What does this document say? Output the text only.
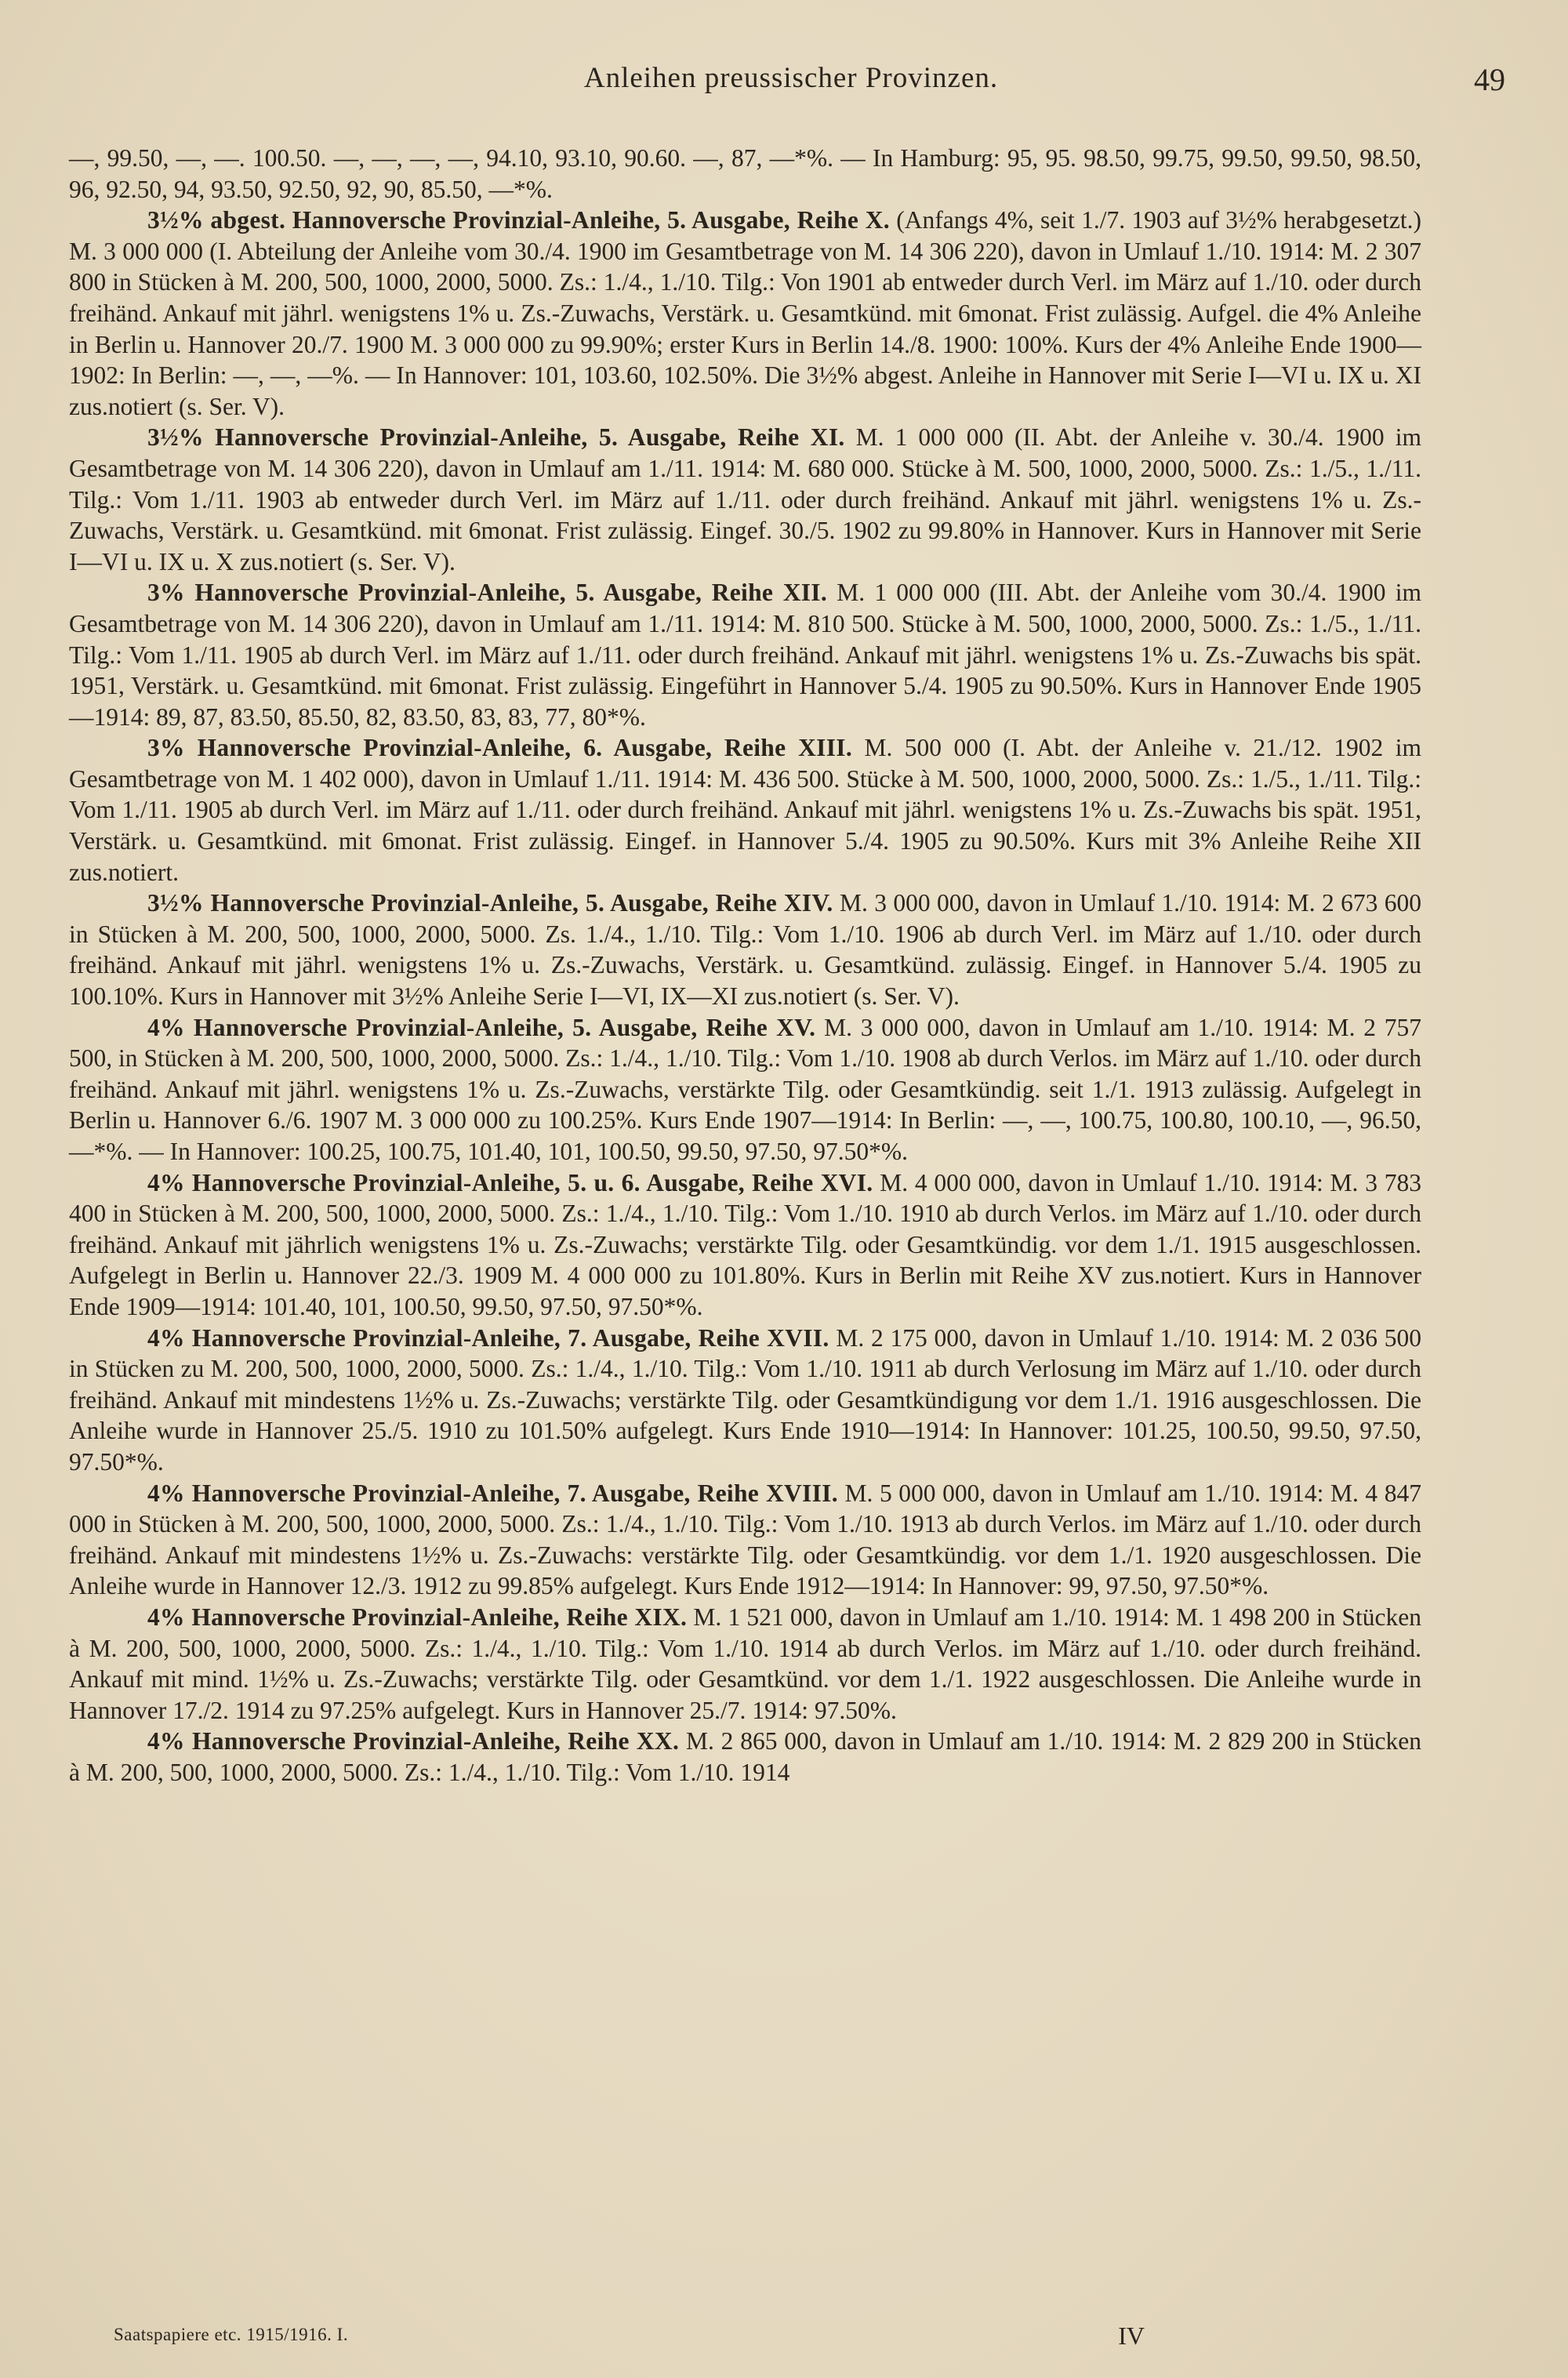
Anleihen preussischer Provinzen.	49

—, 99.50, —, —. 100.50. —, —, —, —, 94.10, 93.10, 90.60. —, 87, —*%. — In Hamburg: 95, 95. 98.50, 99.75, 99.50, 99.50, 98.50, 96, 92.50, 94, 93.50, 92.50, 92, 90, 85.50, —*%.

3½% abgest. Hannoversche Provinzial-Anleihe, 5. Ausgabe, Reihe X. (Anfangs 4%, seit 1./7. 1903 auf 3½% herabgesetzt.) M. 3 000 000 (I. Abteilung der Anleihe vom 30./4. 1900 im Gesamtbetrage von M. 14 306 220), davon in Umlauf 1./10. 1914: M. 2 307 800 in Stücken à M. 200, 500, 1000, 2000, 5000. Zs.: 1./4., 1./10. Tilg.: Von 1901 ab entweder durch Verl. im März auf 1./10. oder durch freihänd. Ankauf mit jährl. wenigstens 1% u. Zs.-Zuwachs, Verstärk. u. Gesamtkünd. mit 6monat. Frist zulässig. Aufgel. die 4% Anleihe in Berlin u. Hannover 20./7. 1900 M. 3 000 000 zu 99.90%; erster Kurs in Berlin 14./8. 1900: 100%. Kurs der 4% Anleihe Ende 1900—1902: In Berlin: —, —, —%. — In Hannover: 101, 103.60, 102.50%. Die 3½% abgest. Anleihe in Hannover mit Serie I—VI u. IX u. XI zus.notiert (s. Ser. V).

3½% Hannoversche Provinzial-Anleihe, 5. Ausgabe, Reihe XI. M. 1 000 000 (II. Abt. der Anleihe v. 30./4. 1900 im Gesamtbetrage von M. 14 306 220), davon in Umlauf am 1./11. 1914: M. 680 000. Stücke à M. 500, 1000, 2000, 5000. Zs.: 1./5., 1./11. Tilg.: Vom 1./11. 1903 ab entweder durch Verl. im März auf 1./11. oder durch freihänd. Ankauf mit jährl. wenigstens 1% u. Zs.-Zuwachs, Verstärk. u. Gesamtkünd. mit 6monat. Frist zulässig. Eingef. 30./5. 1902 zu 99.80% in Hannover. Kurs in Hannover mit Serie I—VI u. IX u. X zus.notiert (s. Ser. V).

3% Hannoversche Provinzial-Anleihe, 5. Ausgabe, Reihe XII. M. 1 000 000 (III. Abt. der Anleihe vom 30./4. 1900 im Gesamtbetrage von M. 14 306 220), davon in Umlauf am 1./11. 1914: M. 810 500. Stücke à M. 500, 1000, 2000, 5000. Zs.: 1./5., 1./11. Tilg.: Vom 1./11. 1905 ab durch Verl. im März auf 1./11. oder durch freihänd. Ankauf mit jährl. wenigstens 1% u. Zs.-Zuwachs bis spät. 1951, Verstärk. u. Gesamtkünd. mit 6monat. Frist zulässig. Eingeführt in Hannover 5./4. 1905 zu 90.50%. Kurs in Hannover Ende 1905—1914: 89, 87, 83.50, 85.50, 82, 83.50, 83, 83, 77, 80*%.

3% Hannoversche Provinzial-Anleihe, 6. Ausgabe, Reihe XIII. M. 500 000 (I. Abt. der Anleihe v. 21./12. 1902 im Gesamtbetrage von M. 1 402 000), davon in Umlauf 1./11. 1914: M. 436 500. Stücke à M. 500, 1000, 2000, 5000. Zs.: 1./5., 1./11. Tilg.: Vom 1./11. 1905 ab durch Verl. im März auf 1./11. oder durch freihänd. Ankauf mit jährl. wenigstens 1% u. Zs.-Zuwachs bis spät. 1951, Verstärk. u. Gesamtkünd. mit 6monat. Frist zulässig. Eingef. in Hannover 5./4. 1905 zu 90.50%. Kurs mit 3% Anleihe Reihe XII zus.notiert.

3½% Hannoversche Provinzial-Anleihe, 5. Ausgabe, Reihe XIV. M. 3 000 000, davon in Umlauf 1./10. 1914: M. 2 673 600 in Stücken à M. 200, 500, 1000, 2000, 5000. Zs. 1./4., 1./10. Tilg.: Vom 1./10. 1906 ab durch Verl. im März auf 1./10. oder durch freihänd. Ankauf mit jährl. wenigstens 1% u. Zs.-Zuwachs, Verstärk. u. Gesamtkünd. zulässig. Eingef. in Hannover 5./4. 1905 zu 100.10%. Kurs in Hannover mit 3½% Anleihe Serie I—VI, IX—XI zus.notiert (s. Ser. V).

4% Hannoversche Provinzial-Anleihe, 5. Ausgabe, Reihe XV. M. 3 000 000, davon in Umlauf am 1./10. 1914: M. 2 757 500, in Stücken à M. 200, 500, 1000, 2000, 5000. Zs.: 1./4., 1./10. Tilg.: Vom 1./10. 1908 ab durch Verlos. im März auf 1./10. oder durch freihänd. Ankauf mit jährl. wenigstens 1% u. Zs.-Zuwachs, verstärkte Tilg. oder Gesamtkündig. seit 1./1. 1913 zulässig. Aufgelegt in Berlin u. Hannover 6./6. 1907 M. 3 000 000 zu 100.25%. Kurs Ende 1907—1914: In Berlin: —, —, 100.75, 100.80, 100.10, —, 96.50, —*%. — In Hannover: 100.25, 100.75, 101.40, 101, 100.50, 99.50, 97.50, 97.50*%.

4% Hannoversche Provinzial-Anleihe, 5. u. 6. Ausgabe, Reihe XVI. M. 4 000 000, davon in Umlauf 1./10. 1914: M. 3 783 400 in Stücken à M. 200, 500, 1000, 2000, 5000. Zs.: 1./4., 1./10. Tilg.: Vom 1./10. 1910 ab durch Verlos. im März auf 1./10. oder durch freihänd. Ankauf mit jährlich wenigstens 1% u. Zs.-Zuwachs; verstärkte Tilg. oder Gesamtkündig. vor dem 1./1. 1915 ausgeschlossen. Aufgelegt in Berlin u. Hannover 22./3. 1909 M. 4 000 000 zu 101.80%. Kurs in Berlin mit Reihe XV zus.notiert. Kurs in Hannover Ende 1909—1914: 101.40, 101, 100.50, 99.50, 97.50, 97.50*%.

4% Hannoversche Provinzial-Anleihe, 7. Ausgabe, Reihe XVII. M. 2 175 000, davon in Umlauf 1./10. 1914: M. 2 036 500 in Stücken zu M. 200, 500, 1000, 2000, 5000. Zs.: 1./4., 1./10. Tilg.: Vom 1./10. 1911 ab durch Verlosung im März auf 1./10. oder durch freihänd. Ankauf mit mindestens 1½% u. Zs.-Zuwachs; verstärkte Tilg. oder Gesamtkündigung vor dem 1./1. 1916 ausgeschlossen. Die Anleihe wurde in Hannover 25./5. 1910 zu 101.50% aufgelegt. Kurs Ende 1910—1914: In Hannover: 101.25, 100.50, 99.50, 97.50, 97.50*%.

4% Hannoversche Provinzial-Anleihe, 7. Ausgabe, Reihe XVIII. M. 5 000 000, davon in Umlauf am 1./10. 1914: M. 4 847 000 in Stücken à M. 200, 500, 1000, 2000, 5000. Zs.: 1./4., 1./10. Tilg.: Vom 1./10. 1913 ab durch Verlos. im März auf 1./10. oder durch freihänd. Ankauf mit mindestens 1½% u. Zs.-Zuwachs: verstärkte Tilg. oder Gesamtkündig. vor dem 1./1. 1920 ausgeschlossen. Die Anleihe wurde in Hannover 12./3. 1912 zu 99.85% aufgelegt. Kurs Ende 1912—1914: In Hannover: 99, 97.50, 97.50*%.

4% Hannoversche Provinzial-Anleihe, Reihe XIX. M. 1 521 000, davon in Umlauf am 1./10. 1914: M. 1 498 200 in Stücken à M. 200, 500, 1000, 2000, 5000. Zs.: 1./4., 1./10. Tilg.: Vom 1./10. 1914 ab durch Verlos. im März auf 1./10. oder durch freihänd. Ankauf mit mind. 1½% u. Zs.-Zuwachs; verstärkte Tilg. oder Gesamtkünd. vor dem 1./1. 1922 ausgeschlossen. Die Anleihe wurde in Hannover 17./2. 1914 zu 97.25% aufgelegt. Kurs in Hannover 25./7. 1914: 97.50%.

4% Hannoversche Provinzial-Anleihe, Reihe XX. M. 2 865 000, davon in Umlauf am 1./10. 1914: M. 2 829 200 in Stücken à M. 200, 500, 1000, 2000, 5000. Zs.: 1./4., 1./10. Tilg.: Vom 1./10. 1914

Saatspapiere etc. 1915/1916. I.	IV
